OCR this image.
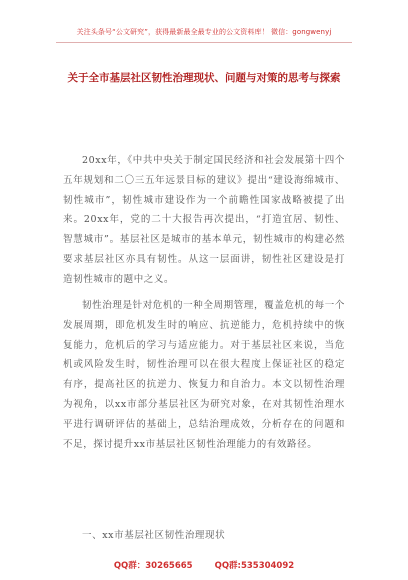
关注头条号“公文研究”，获得最新最全最专业的公文资料库！ 微信：gongwenyj
关于全市基层社区韧性治理现状、问题与对策的思考与探索

20xx年，《中共中央关于制定国民经济和社会发展第十四个五年规划和二〇三五年远景目标的建议》提出“建设海绵城市、韧性城市”，韧性城市建设作为一个前瞻性国家战略被提了出来。20xx年，党的二十大报告再次提出，“打造宜居、韧性、智慧城市”。基层社区是城市的基本单元，韧性城市的构建必然要求基层社区亦具有韧性。从这一层面讲，韧性社区建设是打造韧性城市的题中之义。

韧性治理是针对危机的一种全周期管理，覆盖危机的每一个发展周期，即危机发生时的响应、抗逆能力，危机持续中的恢复能力，危机后的学习与适应能力。对于基层社区来说，当危机或风险发生时，韧性治理可以在很大程度上保证社区的稳定有序，提高社区的抗逆力、恢复力和自治力。本文以韧性治理为视角，以xx市部分基层社区为研究对象，在对其韧性治理水平进行调研评估的基础上，总结治理成效，分析存在的问题和不足，探讨提升xx市基层社区韧性治理能力的有效路径。

一、xx市基层社区韧性治理现状
QQ群：30265665	QQ群:535304092
